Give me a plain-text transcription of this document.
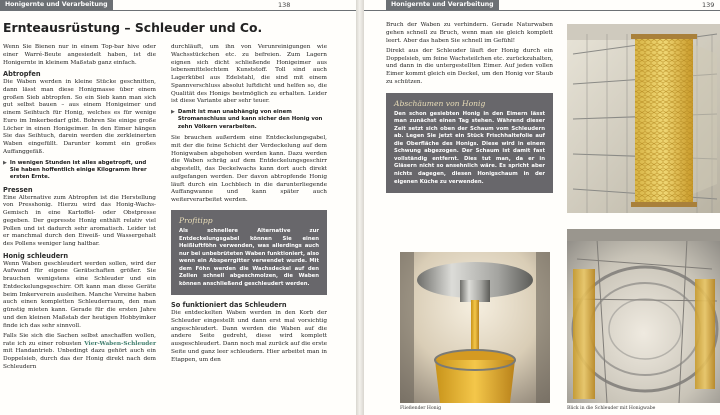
Honigernte und Verarbeitung	138
Ernteausrüstung – Schleuder und Co.

Wenn Sie Bienen nur in einem Top-bar hive oder einer Warré-Beute angesiedelt haben, ist die Honigernte in kleinem Maßstab ganz einfach.

Abtropfen

Die Waben werden in kleine Stücke geschnitten, dann lässt man diese Honigmasse über einem großen Sieb abtropfen. So ein Sieb kann man sich gut selbst bauen – aus einem Honigeimer und einem Seihtuch für Honig, welches es für wenige Euro im Imkerbedarf gibt. Bohren Sie einige große Löcher in einen Honigeimer. In den Eimer hängen Sie das Seihtuch, darein werden die zerkleinerten Waben eingefüllt. Darunter kommt ein großes Auffanggefäß.

▶ In wenigen Stunden ist alles abgetropft, und Sie haben hoffentlich einige Kilogramm Ihrer ersten Ernte.
Pressen

Eine Alternative zum Abtropfen ist die Herstellung von Presshonig. Hierzu wird das Honig-Wachs-Gemisch in eine Kartoffel- oder Obstpresse gegeben. Der gepresste Honig enthält relativ viel Pollen und ist dadurch sehr aromatisch. Leider ist er manchmal durch den Eiweiß- und Wassergehalt des Pollens weniger lang haltbar.

Honig schleudern

Wenn Waben geschleudert werden sollen, wird der Aufwand für eigene Gerätschaften größer. Sie brauchen wenigstens eine Schleuder und ein Entdeckelungsgeschirr. Oft kann man diese Geräte beim Imkerverein ausleihen. Manche Vereine haben auch einen kompletten Schleuderraum, den man günstig mieten kann. Gerade für die ersten Jahre und den kleinen Maßstab der heutigen Hobbyimker finde ich das sehr sinnvoll.

Falls Sie sich die Sachen selbst anschaffen wollen, rate ich zu einer robusten Vier-Waben-Schleuder mit Handantrieb. Unbedingt dazu gehört auch ein Doppelsieb, durch das der Honig direkt nach dem Schleudern

durchläuft, um ihn von Verunreinigungen wie Wachsstückchen etc. zu befreien. Zum Lagern eignen sich dicht schließende Honigeimer aus lebensmittelechtem Kunststoff. Toll sind auch Lagerkübel aus Edelstahl, die sind mit einem Spannverschluss absolut luftdicht und helfen so, die Qualität des Honigs bestmöglich zu erhalten. Leider ist diese Variante aber sehr teuer.

▶ Damit ist man unabhängig von einem Stromanschluss und kann sicher den Honig von zehn Völkern verarbeiten.

Sie brauchen außerdem eine Entdeckelungsgabel, mit der die feine Schicht der Verdeckelung auf dem Honigwaben abgehoben werden kann. Dazu werden die Waben schräg auf dem Entdeckelungsgeschirr abgestellt, das Deckelwachs kann dort auch direkt aufgefangen werden. Der davon abtropfende Honig läuft durch ein Lochblech in die darunterliegende Auffangwanne und kann später auch weiterverarbeitet werden.

Profitipp
Als schnellere Alternative zur Entdeckelungsgabel können Sie einen Heißluftföhn verwenden, was allerdings auch nur bei unbebrüteten Waben funktioniert, also wenn ein Absperrgitter verwendet wurde. Mit dem Föhn werden die Wachsdeckel auf den Zellen schnell abgeschmolzen, die Waben können anschließend geschleudert werden.
So funktioniert das Schleudern

Die entdeckelten Waben werden in den Korb der Schleuder eingestellt und dann erst mal vorsichtig angeschleudert. Dann werden die Waben auf die andere Seite gedreht, diese wird komplett ausgeschleudert. Dann noch mal zurück auf die erste Seite und ganz leer schleudern. Hier arbeitet man in Etappen, um den

Honigernte und Verarbeitung	139

Bruch der Waben zu verhindern. Gerade Naturwaben gehen schnell zu Bruch, wenn man sie gleich komplett leert. Aber das haben Sie schnell im Gefühl!

Direkt aus der Schleuder läuft der Honig durch ein Doppelsieb, um feine Wachsteilchen etc. zurückzuhalten, und dann in die untergestellten Eimer. Auf jeden vollen Eimer kommt gleich ein Deckel, um den Honig vor Staub zu schützen.

Abschäumen von Honig
Den schon gesiebten Honig in den Eimern lässt man zunächst einen Tag stehen. Während dieser Zeit setzt sich oben der Schaum vom Schleudern ab. Legen Sie jetzt ein Stück Frischhaltefolie auf die Oberfläche des Honigs. Diese wird in einem Schwung abgezogen. Der Schaum ist damit fast vollständig entfernt. Dies tut man, da er in Gläsern nicht so ansehnlich wäre. Es spricht aber nichts dagegen, diesen Honigschaum in der eigenen Küche zu verwenden.
Fließender Honig	Blick in die Schleuder mit Honigwabe
